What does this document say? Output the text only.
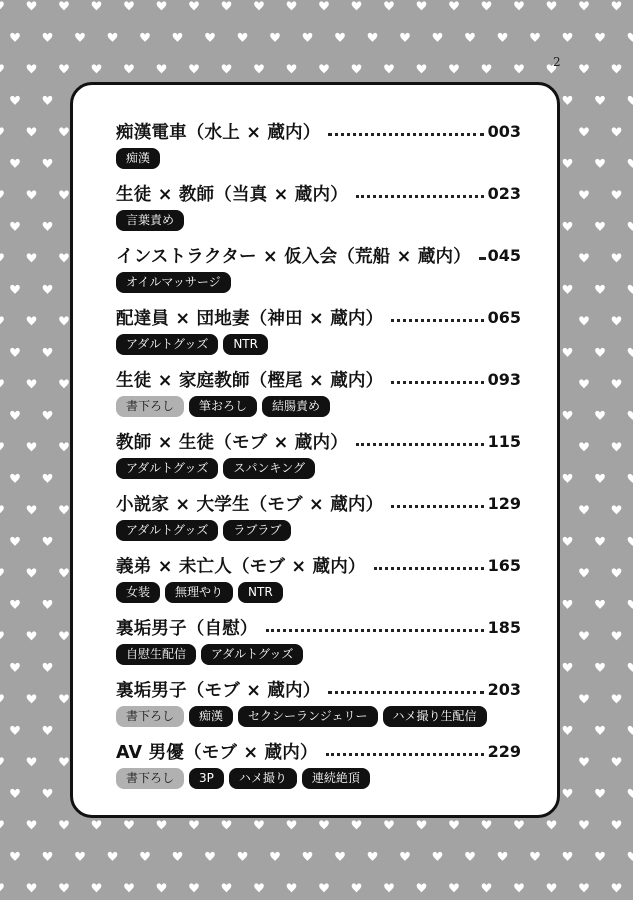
2
痴漢電車（水上 × 蔵内）	003
痴漢
生徒 × 教師（当真 × 蔵内）	023
言葉責め
インストラクター × 仮入会（荒船 × 蔵内） 045
オイルマッサージ
配達員 × 団地妻（神田 × 蔵内）	065
アダルトグッズ	NTR
生徒 × 家庭教師（樫尾 × 蔵内）	093
書下ろし	筆おろし	結腸責め
教師 × 生徒（モブ × 蔵内）	115
アダルトグッズ	スパンキング
小説家 × 大学生（モブ × 蔵内）	129
アダルトグッズ	ラブラブ
義弟 × 未亡人（モブ × 蔵内）	165
女装	無理やり	NTR
裏垢男子（自慰）	185
自慰生配信	アダルトグッズ
裏垢男子（モブ × 蔵内）	203
書下ろし	痴漢	セクシーランジェリー	ハメ撮り生配信
AV 男優（モブ × 蔵内）	229
書下ろし	3P	ハメ撮り	連続絶頂
